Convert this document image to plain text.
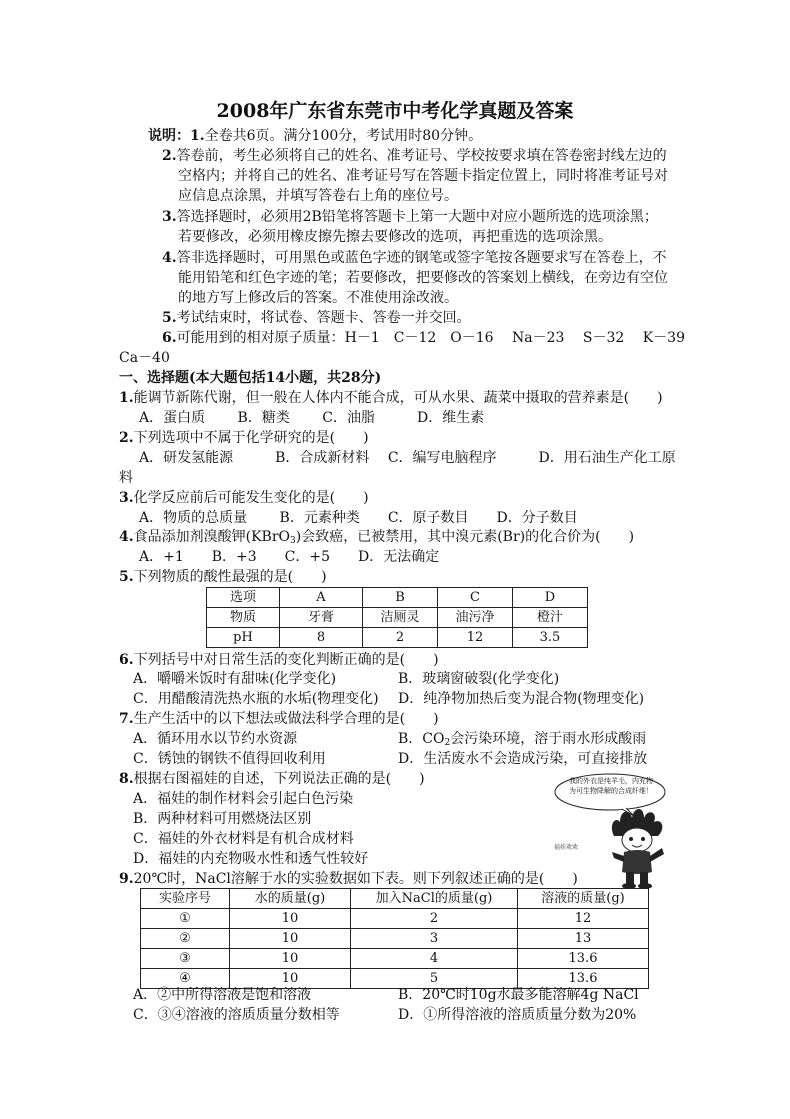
2008年广东省东莞市中考化学真题及答案
说明：1.全卷共6页。满分100分，考试用时80分钟。
2.答卷前，考生必须将自己的姓名、准考证号、学校按要求填在答卷密封线左边的
空格内；并将自己的姓名、准考证号写在答题卡指定位置上，同时将准考证号对
应信息点涂黑，并填写答卷右上角的座位号。
3.答选择题时，必须用2B铅笔将答题卡上第一大题中对应小题所选的选项涂黑；
若要修改，必须用橡皮擦先擦去要修改的选项，再把重选的选项涂黑。
4.答非选择题时，可用黑色或蓝色字迹的钢笔或签字笔按各题要求写在答卷上，不
能用铅笔和红色字迹的笔；若要修改，把要修改的答案划上横线，在旁边有空位
的地方写上修改后的答案。不准使用涂改液。
5.考试结束时，将试卷、答题卡、答卷一并交回。
6.可能用到的相对原子质量：H－1　C－12　O－16　 Na－23　 S－32　 K－39
Ca－40
一、选择题(本大题包括14小题，共28分)
1.能调节新陈代谢，但一般在人体内不能合成，可从水果、蔬菜中摄取的营养素是(　　)
A．蛋白质　　 B．糖类　　 C．油脂　　　D．维生素
2.下列选项中不属于化学研究的是(　　)
A．研发氢能源　　　B．合成新材料　 C．编写电脑程序　　　D．用石油生产化工原
料
3.化学反应前后可能发生变化的是(　　)
A．物质的总质量　　 B．元素种类　　C．原子数目　　D．分子数目
4.食品添加剂溴酸钾(KBrO$_3$)会致癌，已被禁用，其中溴元素(Br)的化合价为(　　)
A．+1　　B．+3　　C．+5　　D．无法确定
5.下列物质的酸性最强的是(　　)
选项	A	B	C	D
物质	牙膏	洁厕灵	油污净	橙汁
pH	8	2	12	3.5
6.下列括号中对日常生活的变化判断正确的是(　　)
A．嚼嚼米饭时有甜味(化学变化)	B．玻璃窗破裂(化学变化)
C．用醋酸清洗热水瓶的水垢(物理变化) D．纯净物加热后变为混合物(物理变化)
7.生产生活中的以下想法或做法科学合理的是(　　)
A．循环用水以节约水资源	B．$CO_2$会污染环境，溶于雨水形成酸雨
C．锈蚀的钢铁不值得回收利用	D．生活废水不会造成污染，可直接排放
8.根据右图福娃的自述，下列说法正确的是(　　)
A．福娃的制作材料会引起白色污染
B．两种材料可用燃烧法区别
C．福娃的外衣材料是有机合成材料
D．福娃的内充物吸水性和透气性较好
我的外衣是纯羊毛，内充物为可生物降解的合成纤维！
福娃欢欢
9.20℃时，NaCl溶解于水的实验数据如下表。则下列叙述正确的是(　　)
实验序号	水的质量(g)	加入NaCl的质量(g)	溶液的质量(g)
①	10	2	12
②	10	3	13
③	10	4	13.6
④	10	5	13.6
A．②中所得溶液是饱和溶液	B．20℃时10g水最多能溶解4g NaCl
C．③④溶液的溶质质量分数相等	D．①所得溶液的溶质质量分数为20%
